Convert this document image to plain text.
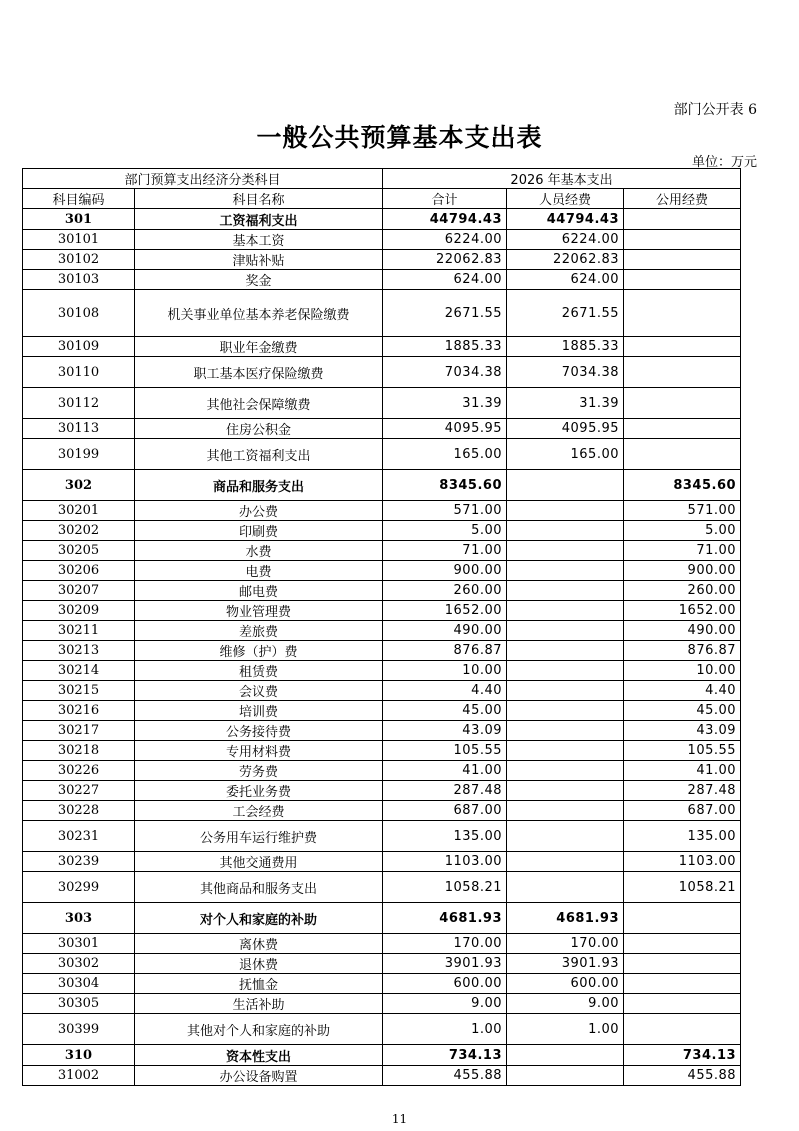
部门公开表 6
一般公共预算基本支出表
单位：万元
部门预算支出经济分类科目		2026 年基本支出		
科目编码	科目名称	合计	人员经费	公用经费
301	工资福利支出	44794.43	44794.43	
30101	基本工资	6224.00	6224.00	
30102	津贴补贴	22062.83	22062.83	
30103	奖金	624.00	624.00	
30108	机关事业单位基本养老保险缴费	2671.55	2671.55	
30109	职业年金缴费	1885.33	1885.33	
30110	职工基本医疗保险缴费	7034.38	7034.38	
30112	其他社会保障缴费	31.39	31.39	
30113	住房公积金	4095.95	4095.95	
30199	其他工资福利支出	165.00	165.00	
302	商品和服务支出	8345.60		8345.60
30201	办公费	571.00		571.00
30202	印刷费	5.00		5.00
30205	水费	71.00		71.00
30206	电费	900.00		900.00
30207	邮电费	260.00		260.00
30209	物业管理费	1652.00		1652.00
30211	差旅费	490.00		490.00
30213	维修（护）费	876.87		876.87
30214	租赁费	10.00		10.00
30215	会议费	4.40		4.40
30216	培训费	45.00		45.00
30217	公务接待费	43.09		43.09
30218	专用材料费	105.55		105.55
30226	劳务费	41.00		41.00
30227	委托业务费	287.48		287.48
30228	工会经费	687.00		687.00
30231	公务用车运行维护费	135.00		135.00
30239	其他交通费用	1103.00		1103.00
30299	其他商品和服务支出	1058.21		1058.21
303	对个人和家庭的补助	4681.93	4681.93	
30301	离休费	170.00	170.00	
30302	退休费	3901.93	3901.93	
30304	抚恤金	600.00	600.00	
30305	生活补助	9.00	9.00	
30399	其他对个人和家庭的补助	1.00	1.00	
310	资本性支出	734.13		734.13
31002	办公设备购置	455.88		455.88
11
